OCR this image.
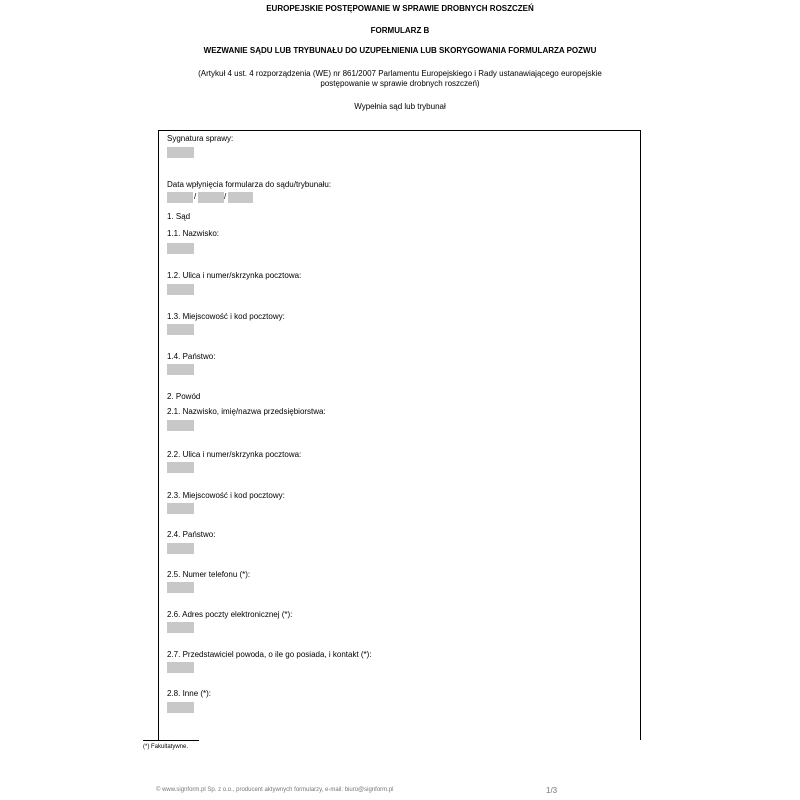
EUROPEJSKIE POSTĘPOWANIE W SPRAWIE DROBNYCH ROSZCZEŃ
FORMULARZ B
WEZWANIE SĄDU LUB TRYBUNAŁU DO UZUPEŁNIENIA LUB SKORYGOWANIA FORMULARZA POZWU
(Artykuł 4 ust. 4 rozporządzenia (WE) nr 861/2007 Parlamentu Europejskiego i Rady ustanawiającego europejskie postępowanie w sprawie drobnych roszczeń)
Wypełnia sąd lub trybunał
Sygnatura sprawy:
Data wpłynięcia formularza do sądu/trybunału:
/	/
1. Sąd
1.1. Nazwisko:
1.2. Ulica i numer/skrzynka pocztowa:
1.3. Miejscowość i kod pocztowy:
1.4. Państwo:
2. Powód
2.1. Nazwisko, imię/nazwa przedsiębiorstwa:
2.2. Ulica i numer/skrzynka pocztowa:
2.3. Miejscowość i kod pocztowy:
2.4. Państwo:
2.5. Numer telefonu (*):
2.6. Adres poczty elektronicznej (*):
2.7. Przedstawiciel powoda, o ile go posiada, i kontakt (*):
2.8. Inne (*):
(*) Fakultatywne.
© www.signform.pl Sp. z o.o., producent aktywnych formularzy, e-mail: biuro@signform.pl	1/3
